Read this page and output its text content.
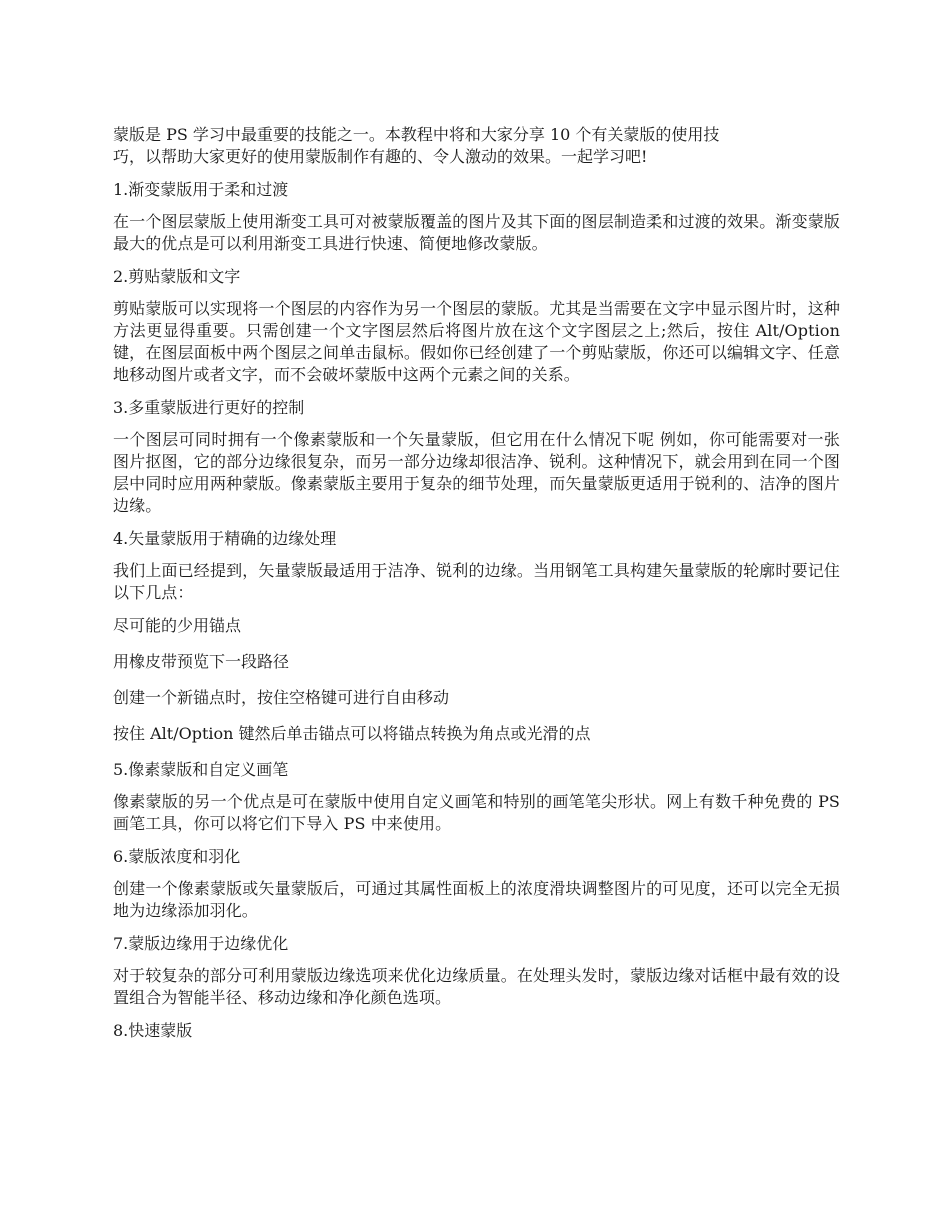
蒙版是 PS 学习中最重要的技能之一。本教程中将和大家分享 10 个有关蒙版的使用技
巧，以帮助大家更好的使用蒙版制作有趣的、令人激动的效果。一起学习吧!
1.渐变蒙版用于柔和过渡
在一个图层蒙版上使用渐变工具可对被蒙版覆盖的图片及其下面的图层制造柔和过渡的效果。渐变蒙版最大的优点是可以利用渐变工具进行快速、简便地修改蒙版。
2.剪贴蒙版和文字
剪贴蒙版可以实现将一个图层的内容作为另一个图层的蒙版。尤其是当需要在文字中显示图片时，这种方法更显得重要。只需创建一个文字图层然后将图片放在这个文字图层之上;然后，按住 Alt/Option 键，在图层面板中两个图层之间单击鼠标。假如你已经创建了一个剪贴蒙版，你还可以编辑文字、任意地移动图片或者文字，而不会破坏蒙版中这两个元素之间的关系。
3.多重蒙版进行更好的控制
一个图层可同时拥有一个像素蒙版和一个矢量蒙版，但它用在什么情况下呢 例如，你可能需要对一张图片抠图，它的部分边缘很复杂，而另一部分边缘却很洁净、锐利。这种情况下，就会用到在同一个图层中同时应用两种蒙版。像素蒙版主要用于复杂的细节处理，而矢量蒙版更适用于锐利的、洁净的图片边缘。
4.矢量蒙版用于精确的边缘处理
我们上面已经提到，矢量蒙版最适用于洁净、锐利的边缘。当用钢笔工具构建矢量蒙版的轮廓时要记住以下几点：
尽可能的少用锚点
用橡皮带预览下一段路径
创建一个新锚点时，按住空格键可进行自由移动
按住 Alt/Option 键然后单击锚点可以将锚点转换为角点或光滑的点
5.像素蒙版和自定义画笔
像素蒙版的另一个优点是可在蒙版中使用自定义画笔和特别的画笔笔尖形状。网上有数千种免费的 PS 画笔工具，你可以将它们下导入 PS 中来使用。
6.蒙版浓度和羽化
创建一个像素蒙版或矢量蒙版后，可通过其属性面板上的浓度滑块调整图片的可见度，还可以完全无损地为边缘添加羽化。
7.蒙版边缘用于边缘优化
对于较复杂的部分可利用蒙版边缘选项来优化边缘质量。在处理头发时，蒙版边缘对话框中最有效的设置组合为智能半径、移动边缘和净化颜色选项。
8.快速蒙版
